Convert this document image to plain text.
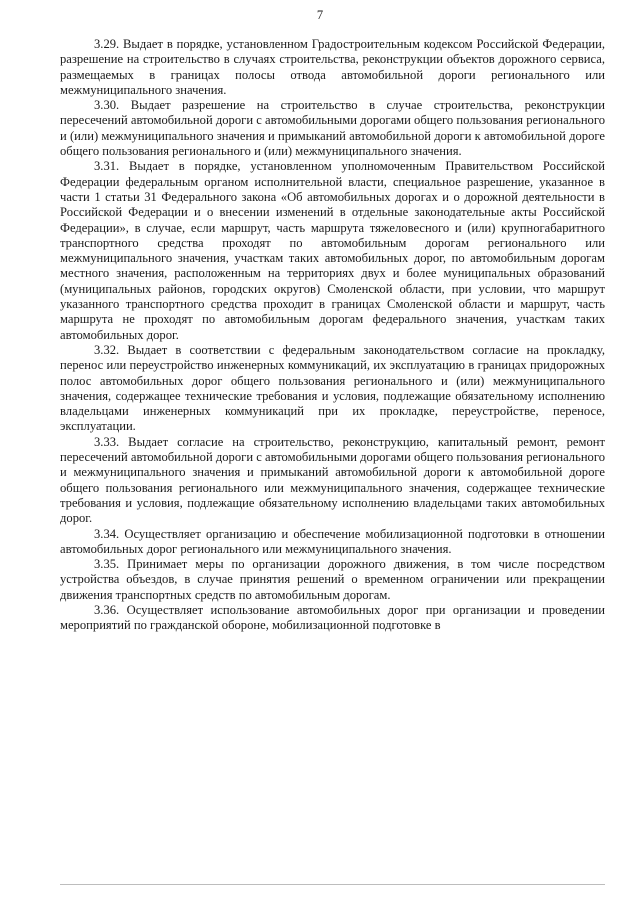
7

3.29. Выдает в порядке, установленном Градостроительным кодексом Российской Федерации, разрешение на строительство в случаях строительства, реконструкции объектов дорожного сервиса, размещаемых в границах полосы отвода автомобильной дороги регионального или межмуниципального значения.

3.30. Выдает разрешение на строительство в случае строительства, реконструкции пересечений автомобильной дороги с автомобильными дорогами общего пользования регионального и (или) межмуниципального значения и примыканий автомобильной дороги к автомобильной дороге общего пользования регионального и (или) межмуниципального значения.

3.31. Выдает в порядке, установленном уполномоченным Правительством Российской Федерации федеральным органом исполнительной власти, специальное разрешение, указанное в части 1 статьи 31 Федерального закона «Об автомобильных дорогах и о дорожной деятельности в Российской Федерации и о внесении изменений в отдельные законодательные акты Российской Федерации», в случае, если маршрут, часть маршрута тяжеловесного и (или) крупногабаритного транспортного средства проходят по автомобильным дорогам регионального или межмуниципального значения, участкам таких автомобильных дорог, по автомобильным дорогам местного значения, расположенным на территориях двух и более муниципальных образований (муниципальных районов, городских округов) Смоленской области, при условии, что маршрут указанного транспортного средства проходит в границах Смоленской области и маршрут, часть маршрута не проходят по автомобильным дорогам федерального значения, участкам таких автомобильных дорог.

3.32. Выдает в соответствии с федеральным законодательством согласие на прокладку, перенос или переустройство инженерных коммуникаций, их эксплуатацию в границах придорожных полос автомобильных дорог общего пользования регионального и (или) межмуниципального значения, содержащее технические требования и условия, подлежащие обязательному исполнению владельцами инженерных коммуникаций при их прокладке, переустройстве, переносе, эксплуатации.

3.33. Выдает согласие на строительство, реконструкцию, капитальный ремонт, ремонт пересечений автомобильной дороги с автомобильными дорогами общего пользования регионального и межмуниципального значения и примыканий автомобильной дороги к автомобильной дороге общего пользования регионального или межмуниципального значения, содержащее технические требования и условия, подлежащие обязательному исполнению владельцами таких автомобильных дорог.

3.34. Осуществляет организацию и обеспечение мобилизационной подготовки в отношении автомобильных дорог регионального или межмуниципального значения.

3.35. Принимает меры по организации дорожного движения, в том числе посредством устройства объездов, в случае принятия решений о временном ограничении или прекращении движения транспортных средств по автомобильным дорогам.

3.36. Осуществляет использование автомобильных дорог при организации и проведении мероприятий по гражданской обороне, мобилизационной подготовке в
